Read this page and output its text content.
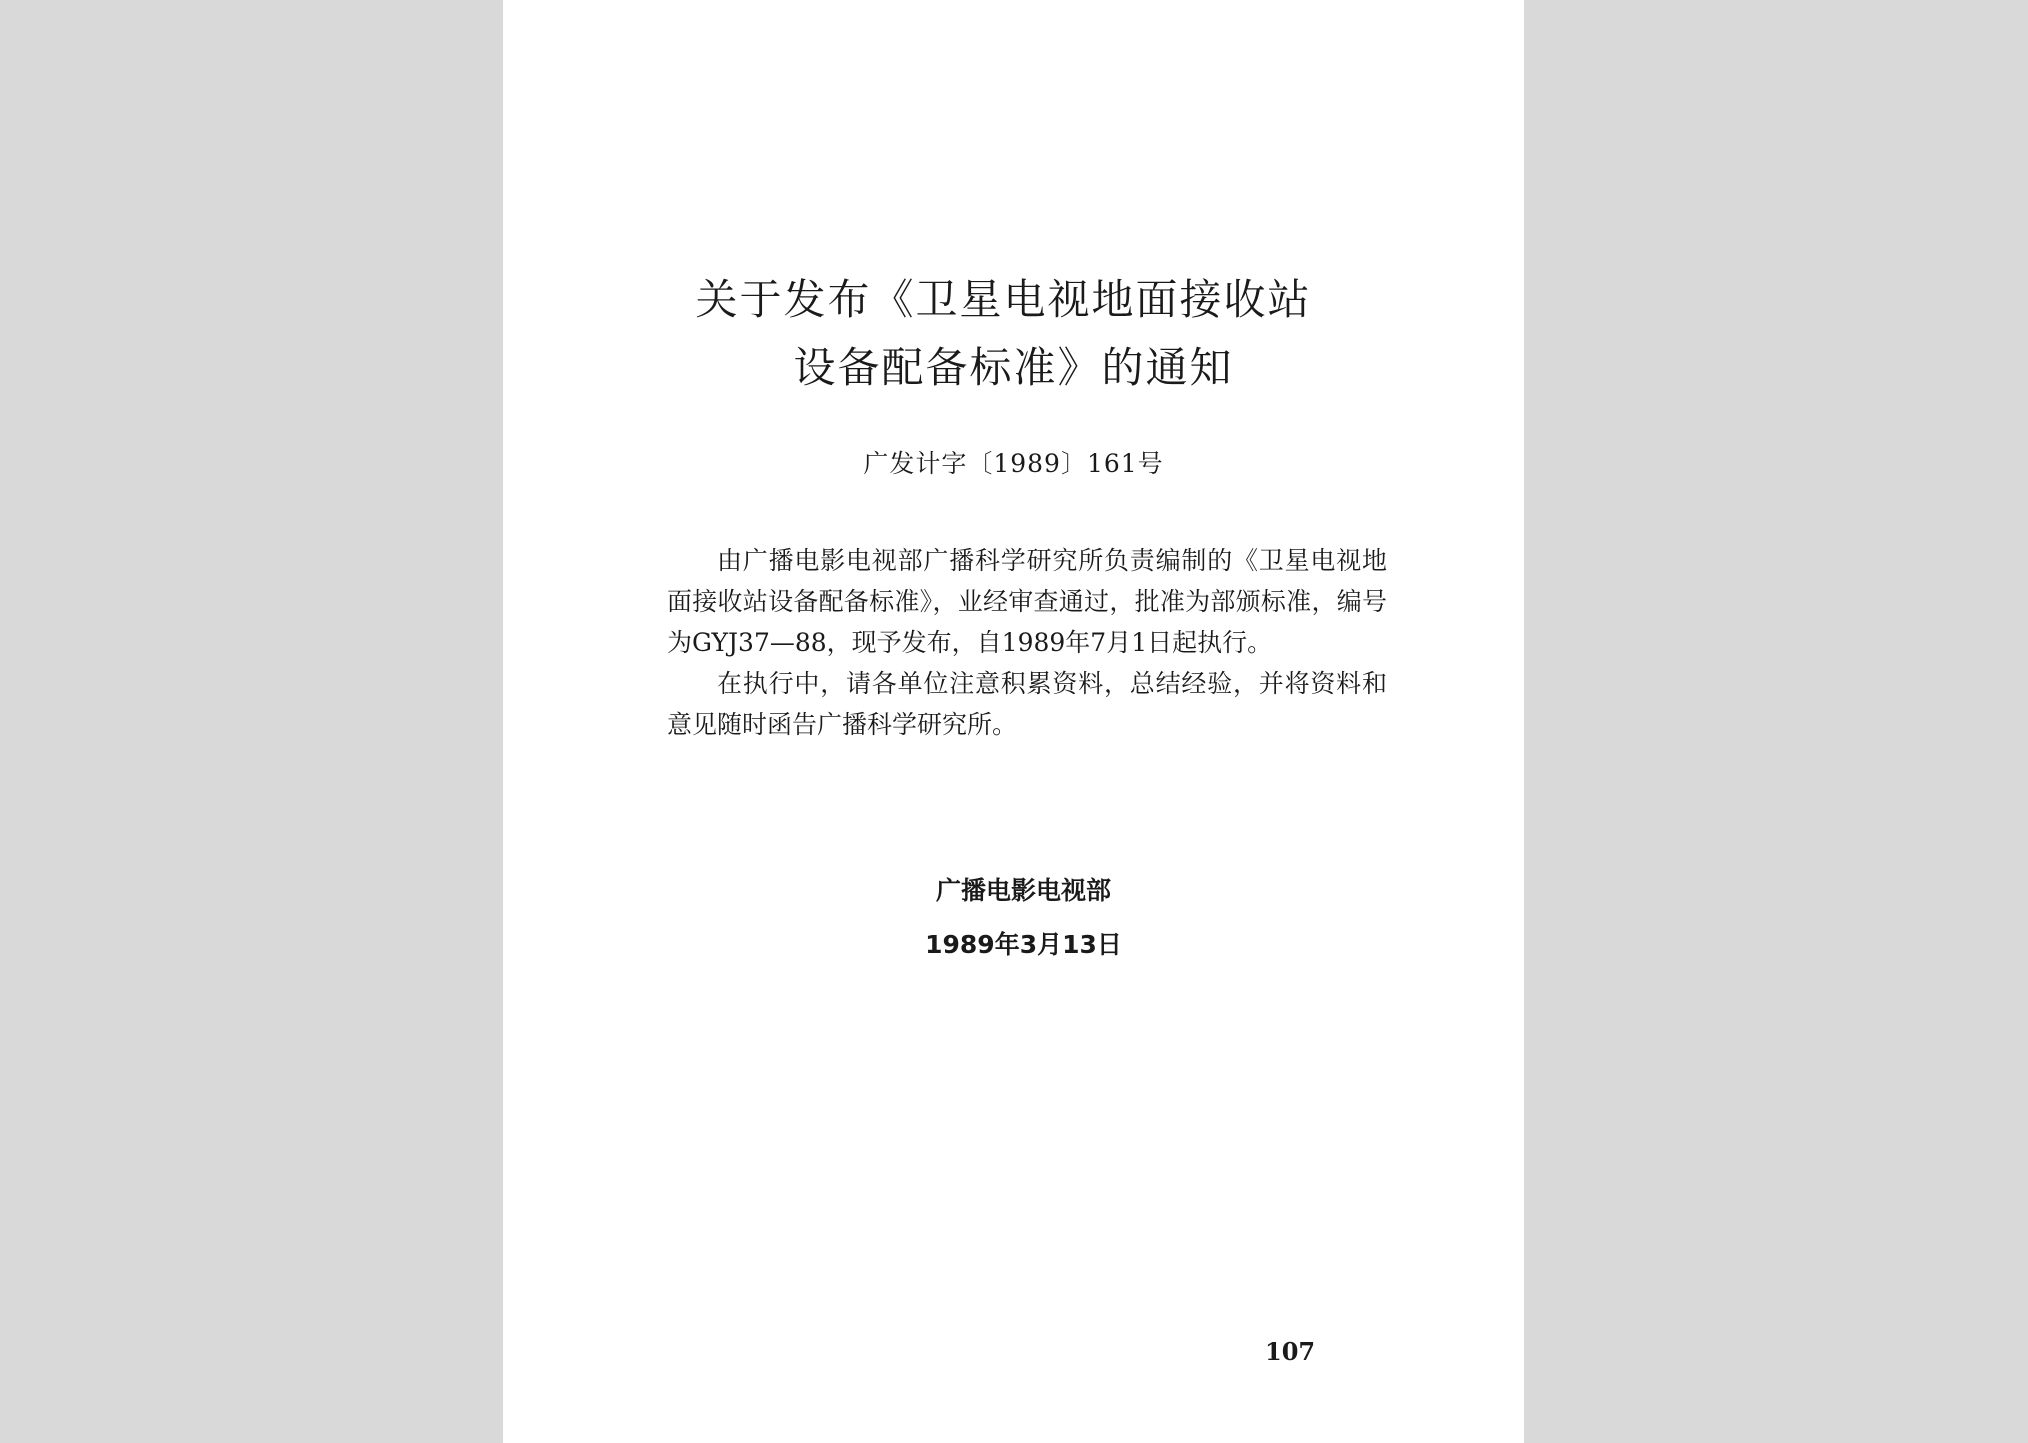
关于发布《卫星电视地面接收站
设备配备标准》的通知
广发计字〔1989〕161号

由广播电影电视部广播科学研究所负责编制的《卫星电视地面接收站设备配备标准》，业经审查通过，批准为部颁标准，编号为GYJ37—88，现予发布，自1989年7月1日起执行。

在执行中，请各单位注意积累资料，总结经验，并将资料和意见随时函告广播科学研究所。

广播电影电视部
1989年3月13日
107
